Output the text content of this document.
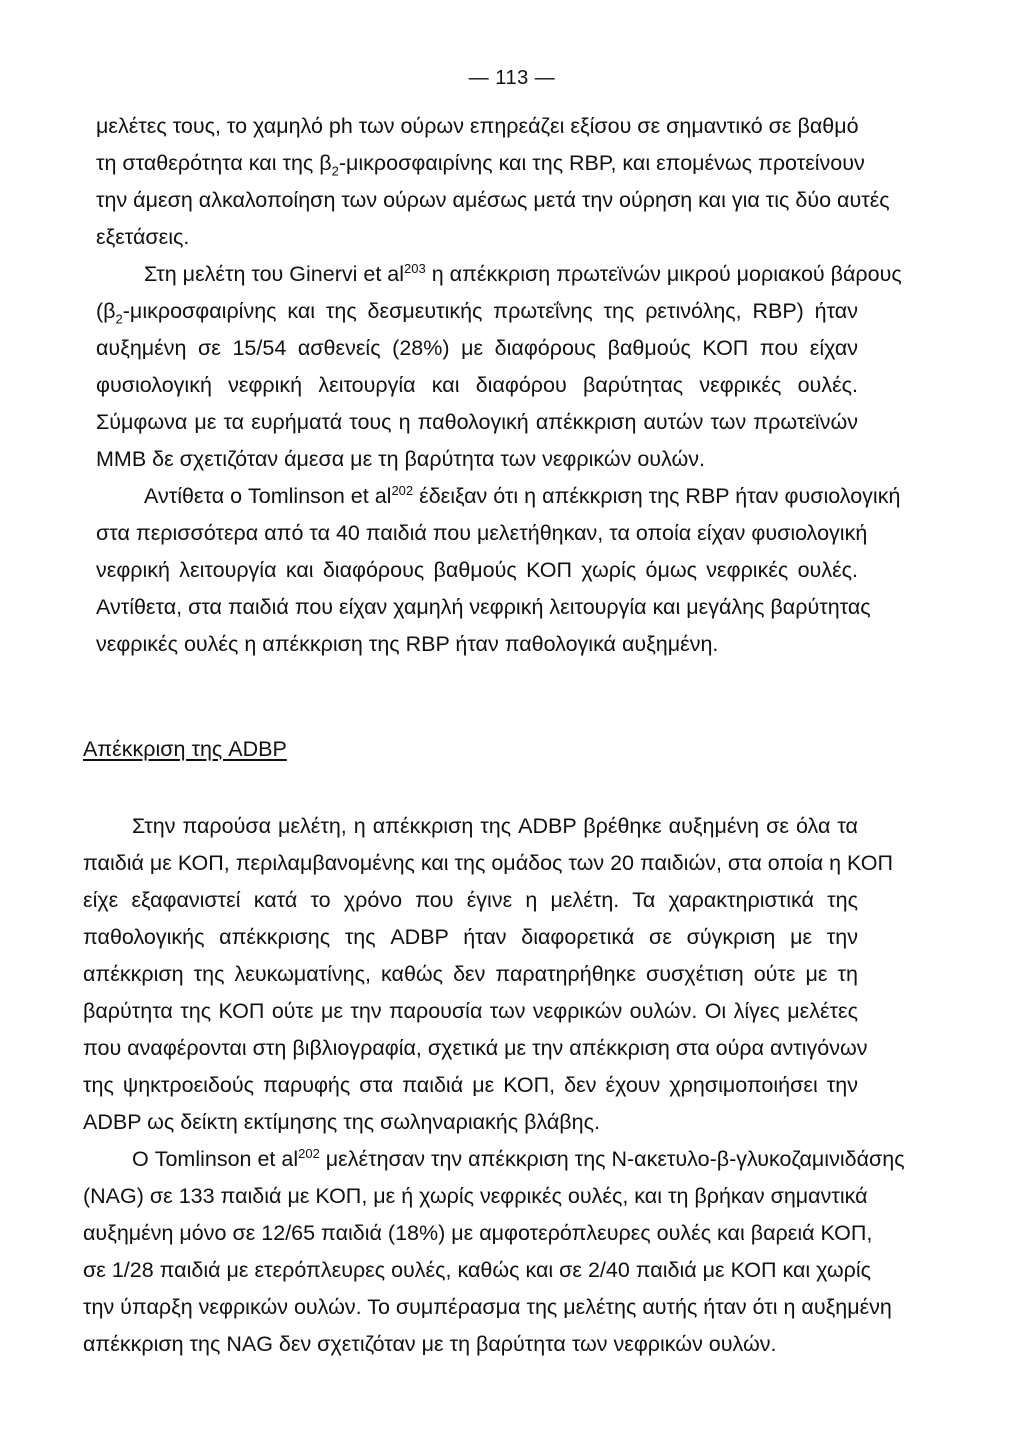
— 113 —
μελέτες τους, το χαμηλό ph των ούρων επηρεάζει εξίσου σε σημαντικό σε βαθμό
τη σταθερότητα και της $\beta_2$-μικροσφαιρίνης και της RBP, και επομένως προτείνουν
την άμεση αλκαλοποίηση των ούρων αμέσως μετά την ούρηση και για τις δύο αυτές
εξετάσεις.
Στη μελέτη του Ginervi et $al^{203}$ η απέκκριση πρωτεϊνών μικρού μοριακού βάρους
($\beta_2$-μικροσφαιρίνης και της δεσμευτικής πρωτεΐνης της ρετινόλης, RBP) ήταν
αυξημένη σε 15/54 ασθενείς (28%) με διαφόρους βαθμούς ΚΟΠ που είχαν
φυσιολογική νεφρική λειτουργία και διαφόρου βαρύτητας νεφρικές ουλές.
Σύμφωνα με τα ευρήματά τους η παθολογική απέκκριση αυτών των πρωτεϊνών
ΜΜΒ δε σχετιζόταν άμεσα με τη βαρύτητα των νεφρικών ουλών.
Αντίθετα ο Tomlinson et $al^{202}$ έδειξαν ότι η απέκκριση της RBP ήταν φυσιολογική
στα περισσότερα από τα 40 παιδιά που μελετήθηκαν, τα οποία είχαν φυσιολογική
νεφρική λειτουργία και διαφόρους βαθμούς ΚΟΠ χωρίς όμως νεφρικές ουλές.
Αντίθετα, στα παιδιά που είχαν χαμηλή νεφρική λειτουργία και μεγάλης βαρύτητας
νεφρικές ουλές η απέκκριση της RBP ήταν παθολογικά αυξημένη.
Απέκκριση της ADBP
Στην παρούσα μελέτη, η απέκκριση της ADBP βρέθηκε αυξημένη σε όλα τα
παιδιά με ΚΟΠ, περιλαμβανομένης και της ομάδος των 20 παιδιών, στα οποία η ΚΟΠ
είχε εξαφανιστεί κατά το χρόνο που έγινε η μελέτη. Τα χαρακτηριστικά της
παθολογικής απέκκρισης της ADBP ήταν διαφορετικά σε σύγκριση με την
απέκκριση της λευκωματίνης, καθώς δεν παρατηρήθηκε συσχέτιση ούτε με τη
βαρύτητα της ΚΟΠ ούτε με την παρουσία των νεφρικών ουλών. Οι λίγες μελέτες
που αναφέρονται στη βιβλιογραφία, σχετικά με την απέκκριση στα ούρα αντιγόνων
της ψηκτροειδούς παρυφής στα παιδιά με ΚΟΠ, δεν έχουν χρησιμοποιήσει την
ADBP ως δείκτη εκτίμησης της σωληναριακής βλάβης.
Ο Tomlinson et $al^{202}$ μελέτησαν την απέκκριση της Ν-ακετυλο-β-γλυκοζαμινιδάσης
(NAG) σε 133 παιδιά με ΚΟΠ, με ή χωρίς νεφρικές ουλές, και τη βρήκαν σημαντικά
αυξημένη μόνο σε 12/65 παιδιά (18%) με αμφοτερόπλευρες ουλές και βαρειά ΚΟΠ,
σε 1/28 παιδιά με ετερόπλευρες ουλές, καθώς και σε 2/40 παιδιά με ΚΟΠ και χωρίς
την ύπαρξη νεφρικών ουλών. Το συμπέρασμα της μελέτης αυτής ήταν ότι η αυξημένη
απέκκριση της NAG δεν σχετιζόταν με τη βαρύτητα των νεφρικών ουλών.
